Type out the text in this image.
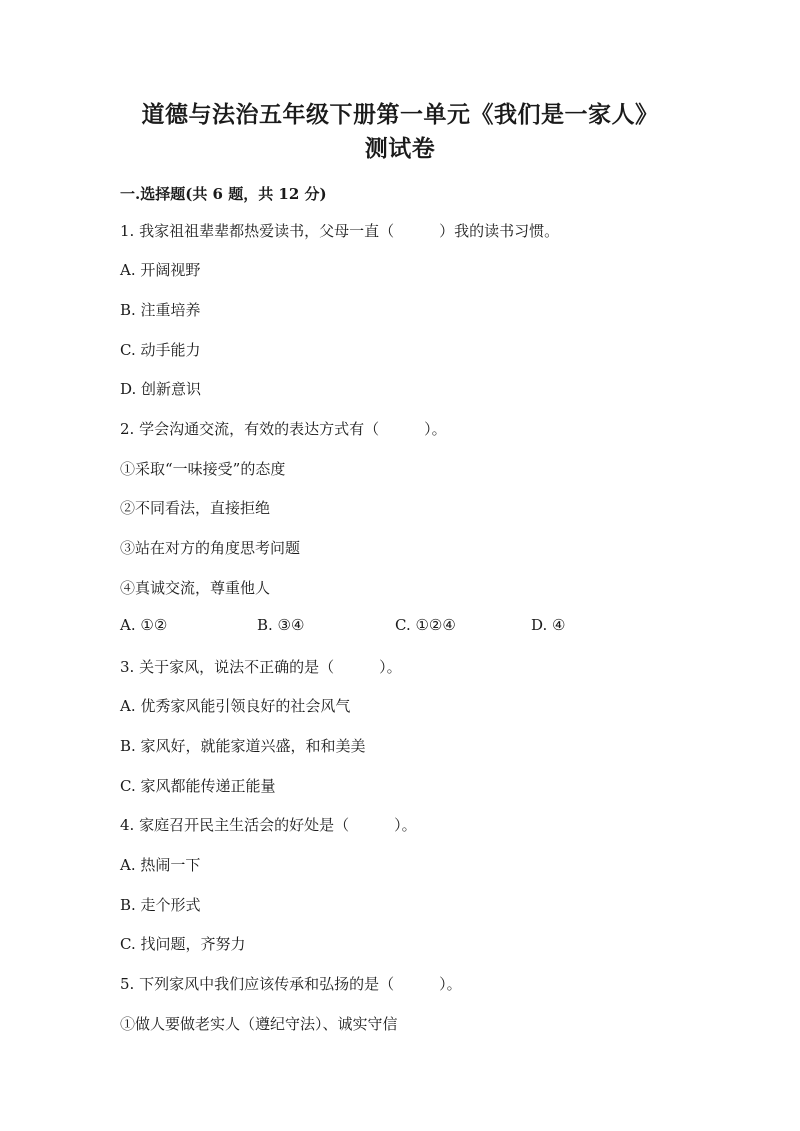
道德与法治五年级下册第一单元《我们是一家人》
测试卷
一.选择题(共 6 题，共 12 分)
1. 我家祖祖辈辈都热爱读书，父母一直（　　　）我的读书习惯。
A. 开阔视野
B. 注重培养
C. 动手能力
D. 创新意识
2. 学会沟通交流，有效的表达方式有（　　　）。
①采取“一味接受”的态度
②不同看法，直接拒绝
③站在对方的角度思考问题
④真诚交流，尊重他人
A. ①②	B. ③④	C. ①②④	D. ④
3. 关于家风，说法不正确的是（　　　）。
A. 优秀家风能引领良好的社会风气
B. 家风好，就能家道兴盛，和和美美
C. 家风都能传递正能量
4. 家庭召开民主生活会的好处是（　　　）。
A. 热闹一下
B. 走个形式
C. 找问题，齐努力
5. 下列家风中我们应该传承和弘扬的是（　　　）。
①做人要做老实人（遵纪守法）、诚实守信
